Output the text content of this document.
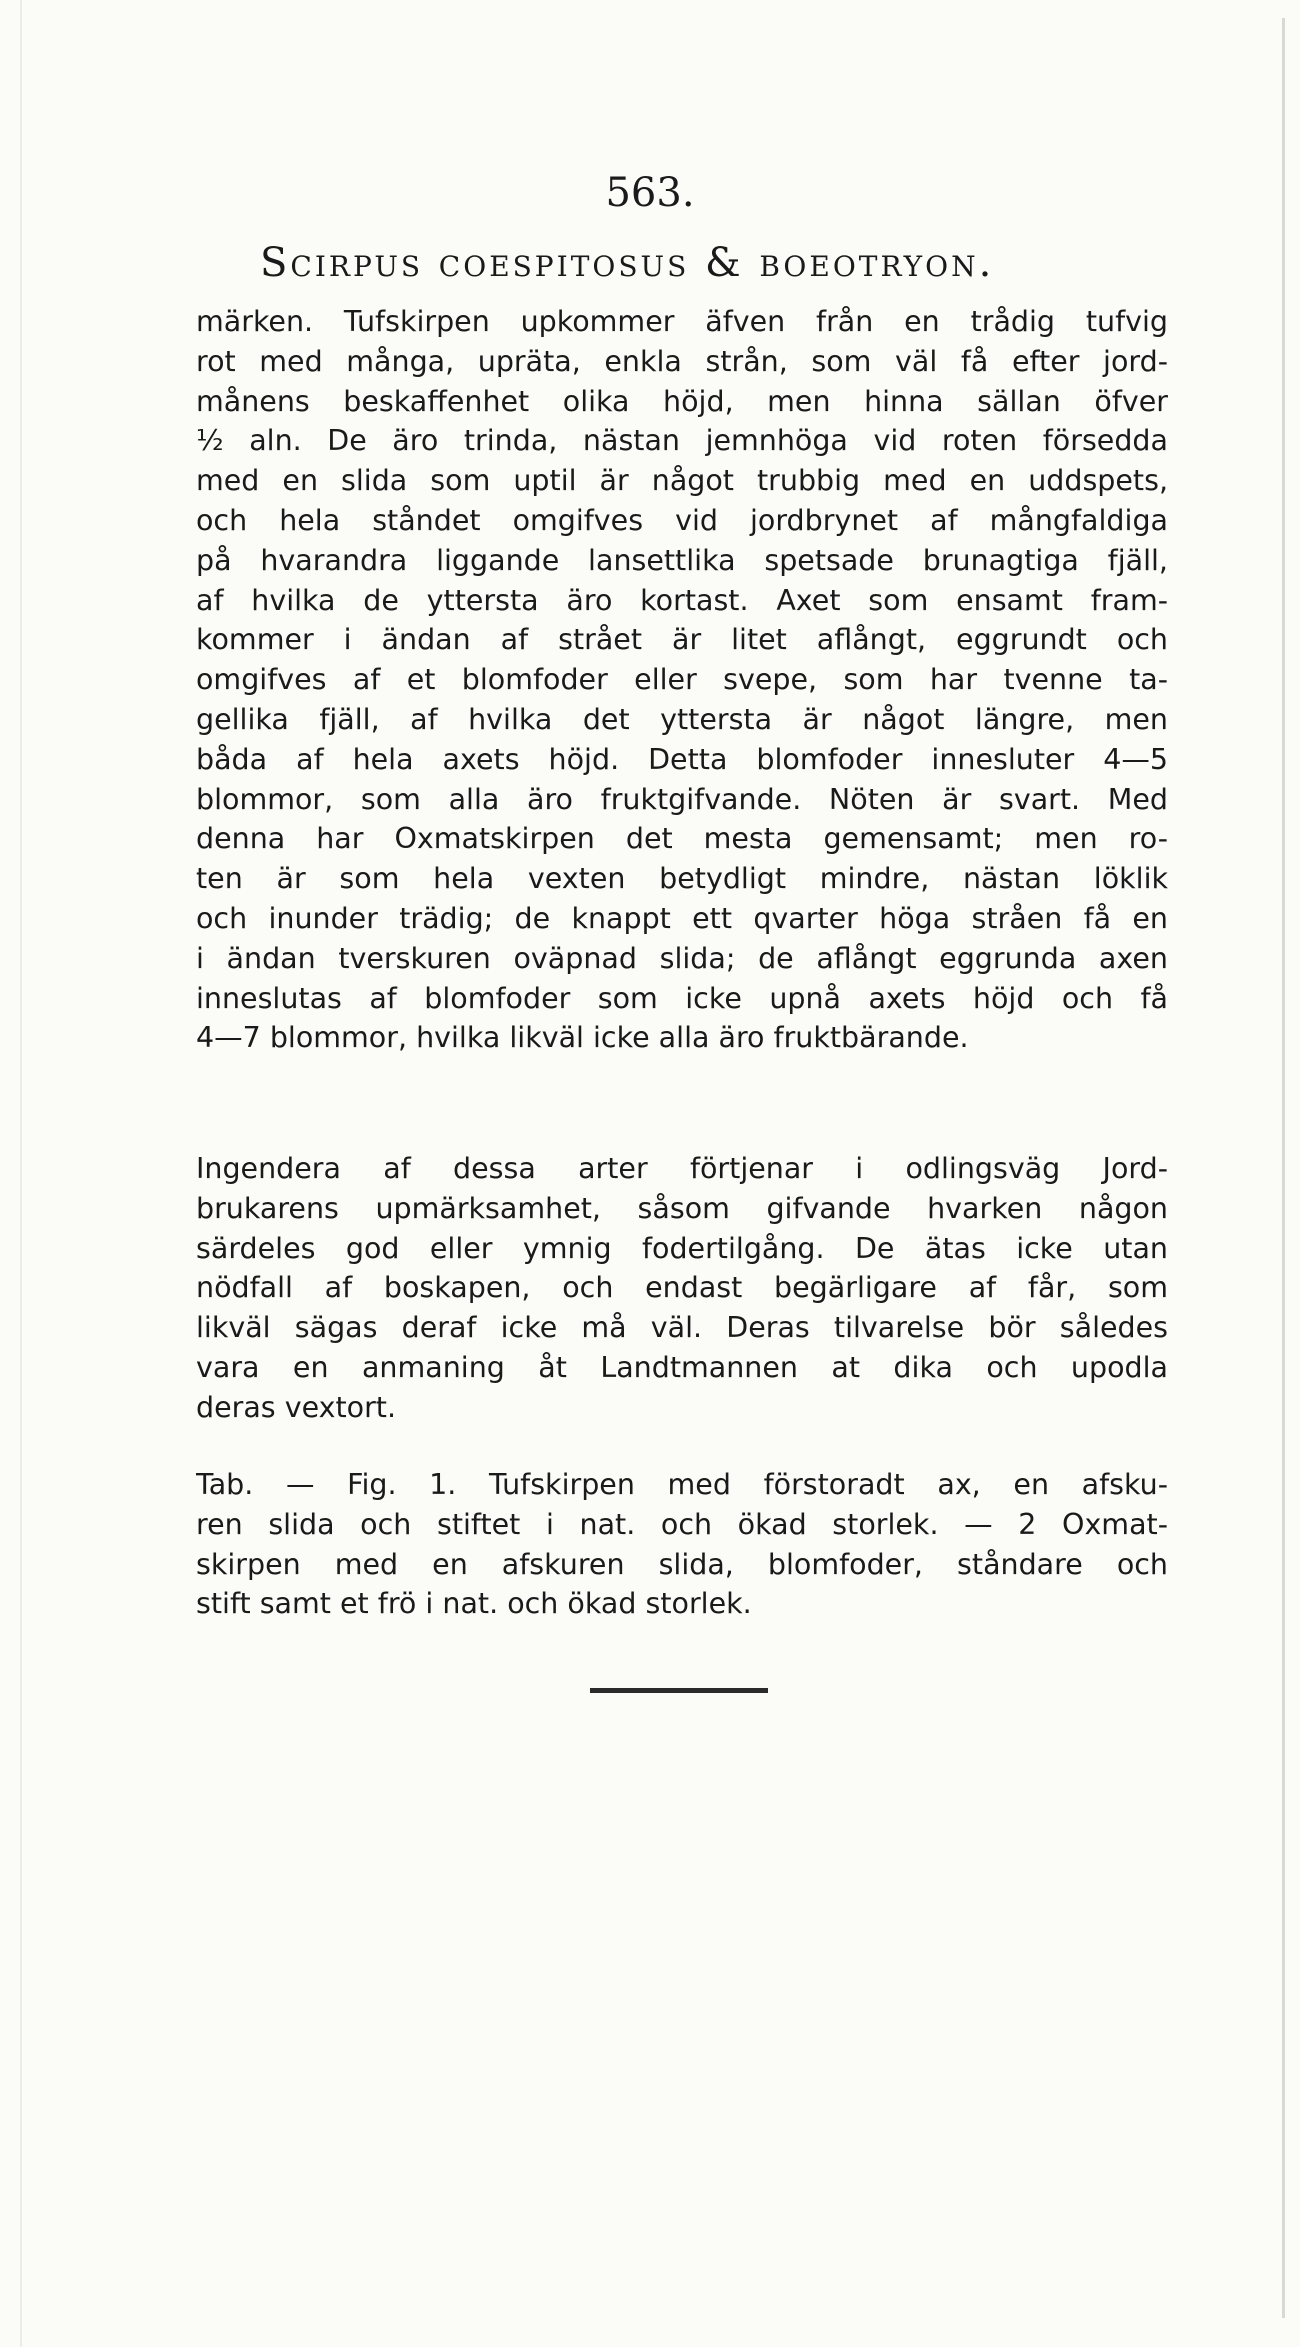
563.
Scirpus coespitosus & boeotryon.
märken. Tufskirpen upkommer äfven från en trådig tufvig
rot med många, upräta, enkla strån, som väl få efter jord-
månens beskaffenhet olika höjd, men hinna sällan öfver
½ aln. De äro trinda, nästan jemnhöga vid roten försedda
med en slida som uptil är något trubbig med en uddspets,
och hela ståndet omgifves vid jordbrynet af mångfaldiga
på hvarandra liggande lansettlika spetsade brunagtiga fjäll,
af hvilka de yttersta äro kortast. Axet som ensamt fram-
kommer i ändan af strået är litet aflångt, eggrundt och
omgifves af et blomfoder eller svepe, som har tvenne ta-
gellika fjäll, af hvilka det yttersta är något längre, men
båda af hela axets höjd. Detta blomfoder innesluter 4—5
blommor, som alla äro fruktgifvande. Nöten är svart. Med
denna har Oxmatskirpen det mesta gemensamt; men ro-
ten är som hela vexten betydligt mindre, nästan löklik
och inunder trädig; de knappt ett qvarter höga stråen få en
i ändan tverskuren oväpnad slida; de aflångt eggrunda axen
inneslutas af blomfoder som icke upnå axets höjd och få
4—7 blommor, hvilka likväl icke alla äro fruktbärande.
Ingendera af dessa arter förtjenar i odlingsväg Jord-
brukarens upmärksamhet, såsom gifvande hvarken någon
särdeles god eller ymnig fodertilgång. De ätas icke utan
nödfall af boskapen, och endast begärligare af får, som
likväl sägas deraf icke må väl. Deras tilvarelse bör således
vara en anmaning åt Landtmannen at dika och upodla
deras vextort.
Tab. — Fig. 1. Tufskirpen med förstoradt ax, en afsku-
ren slida och stiftet i nat. och ökad storlek. — 2 Oxmat-
skirpen med en afskuren slida, blomfoder, ståndare och
stift samt et frö i nat. och ökad storlek.
